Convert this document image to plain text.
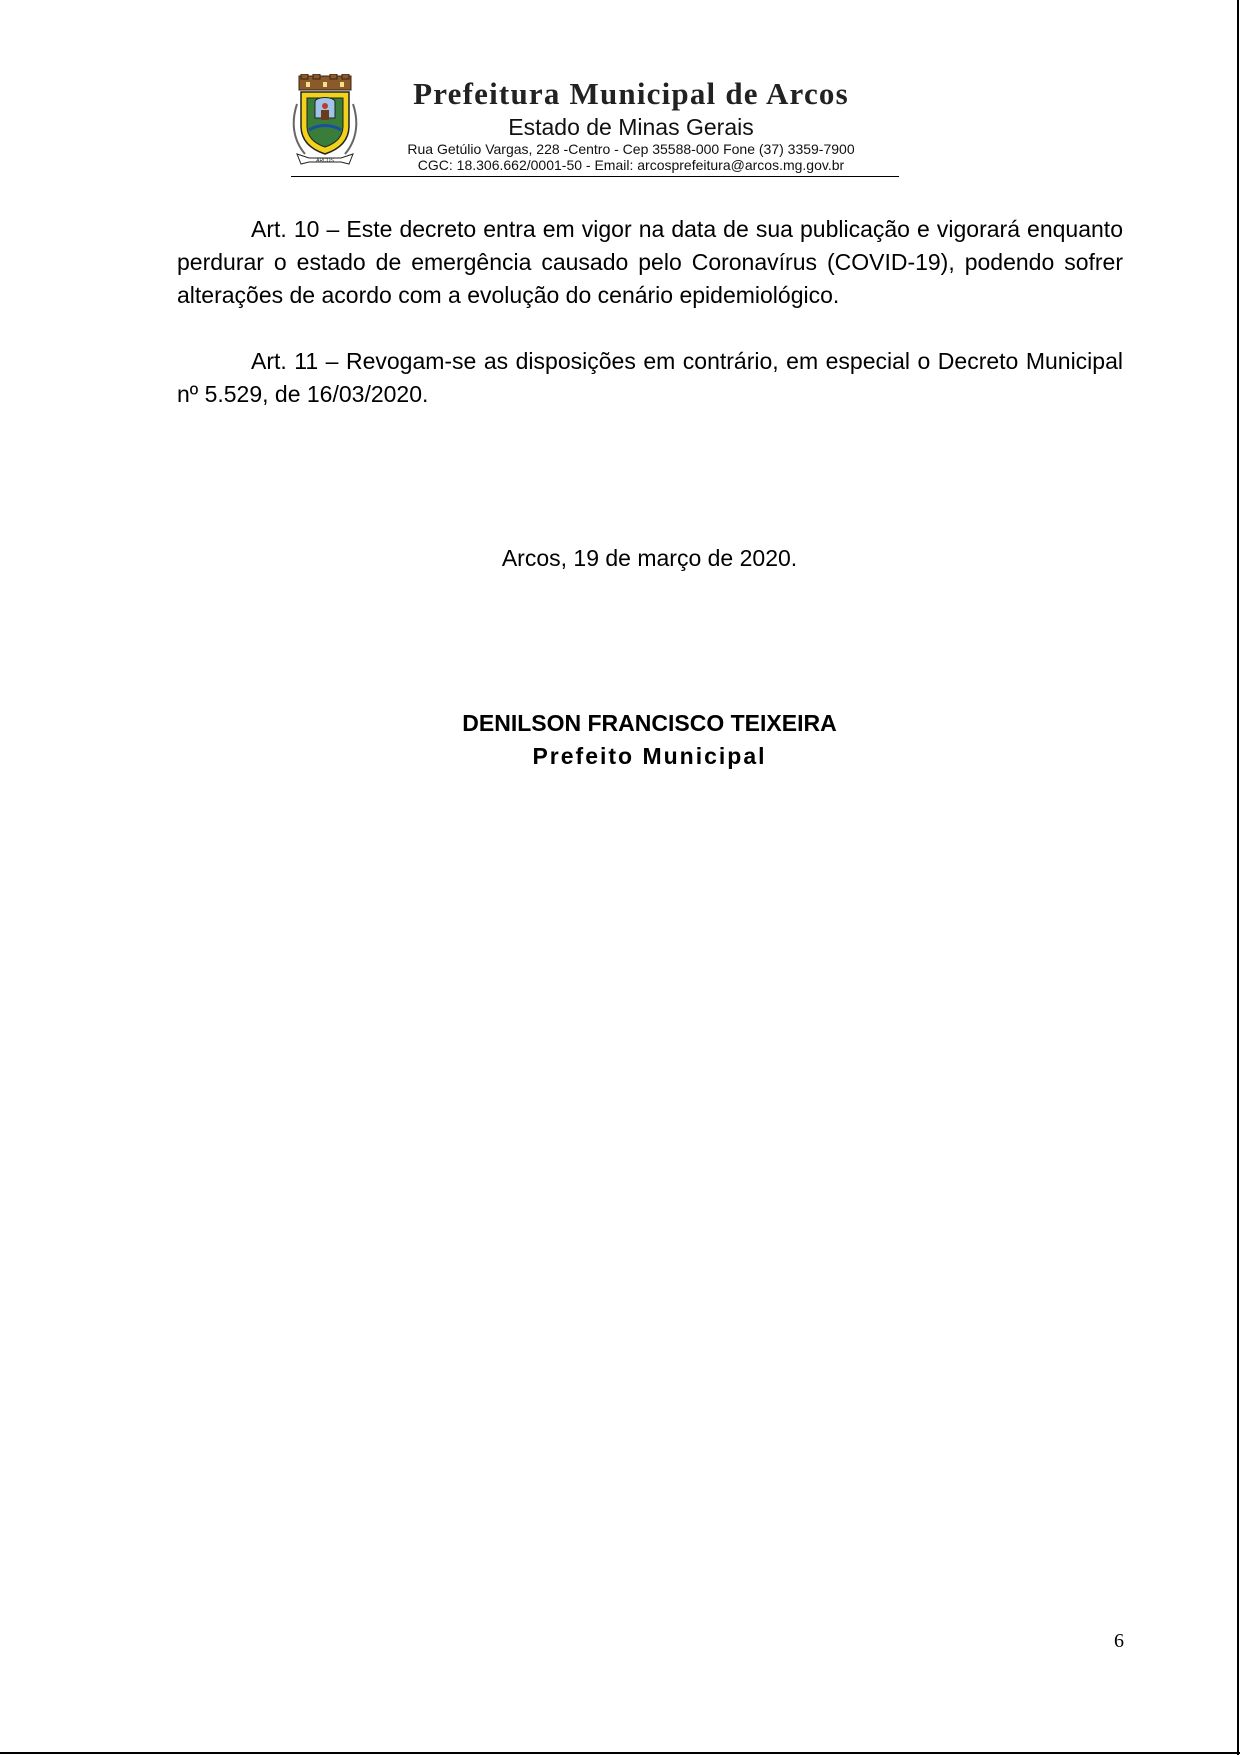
ARCOS
Prefeitura Municipal de Arcos
Estado de Minas Gerais
Rua Getúlio Vargas, 228 -Centro - Cep 35588-000 Fone (37) 3359-7900
CGC: 18.306.662/0001-50 - Email: arcosprefeitura@arcos.mg.gov.br

Art. 10 – Este decreto entra em vigor na data de sua publicação e vigorará enquanto perdurar o estado de emergência causado pelo Coronavírus (COVID-19), podendo sofrer alterações de acordo com a evolução do cenário epidemiológico.

Art. 11 – Revogam-se as disposições em contrário, em especial o Decreto Municipal nº 5.529, de 16/03/2020.

Arcos, 19 de março de 2020.
DENILSON FRANCISCO TEIXEIRA
Prefeito Municipal
6
